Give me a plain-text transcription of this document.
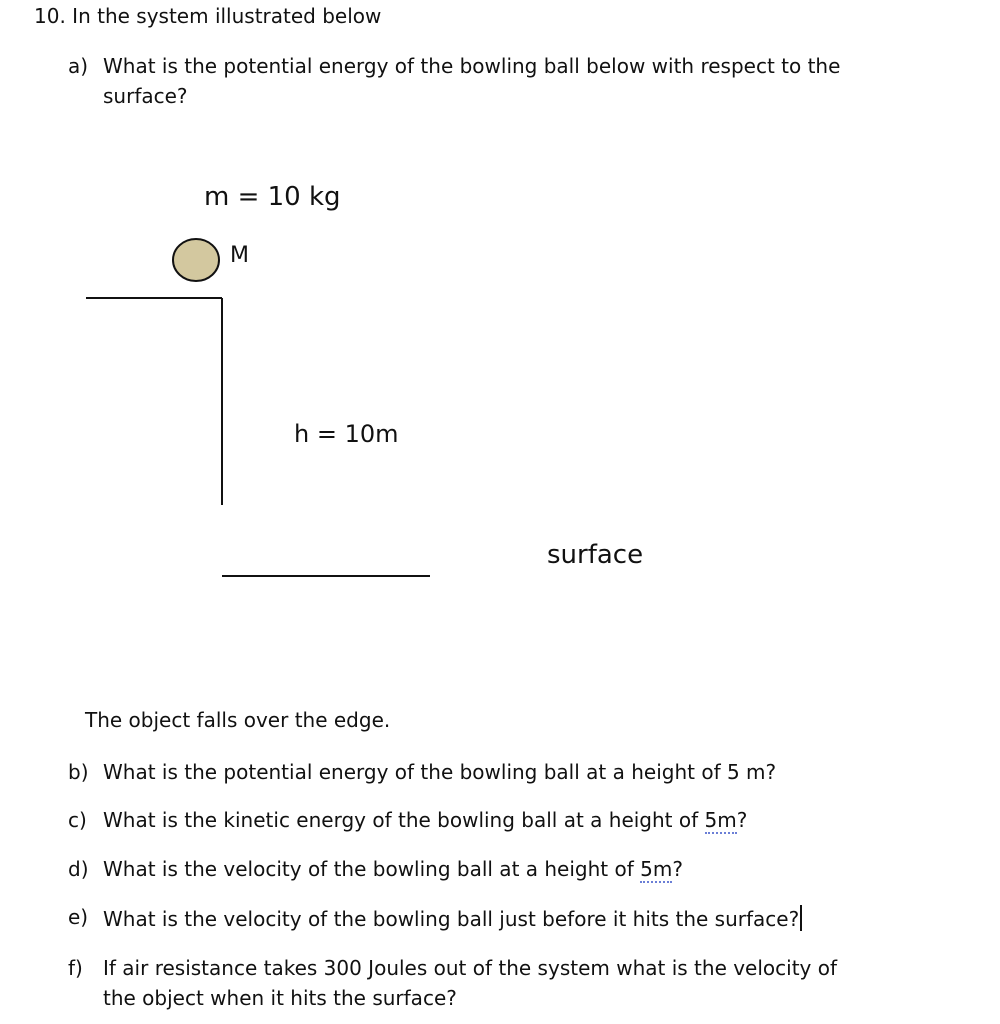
10. In the system illustrated below
a) What is the potential energy of the bowling ball below with respect to the
surface?
m = 10 kg
M
h = 10m
surface
The object falls over the edge.
b) What is the potential energy of the bowling ball at a height of 5 m?
c) What is the kinetic energy of the bowling ball at a height of 5m?
d) What is the velocity of the bowling ball at a height of 5m?
e) What is the velocity of the bowling ball just before it hits the surface?
f) If air resistance takes 300 Joules out of the system what is the velocity of
the object when it hits the surface?
